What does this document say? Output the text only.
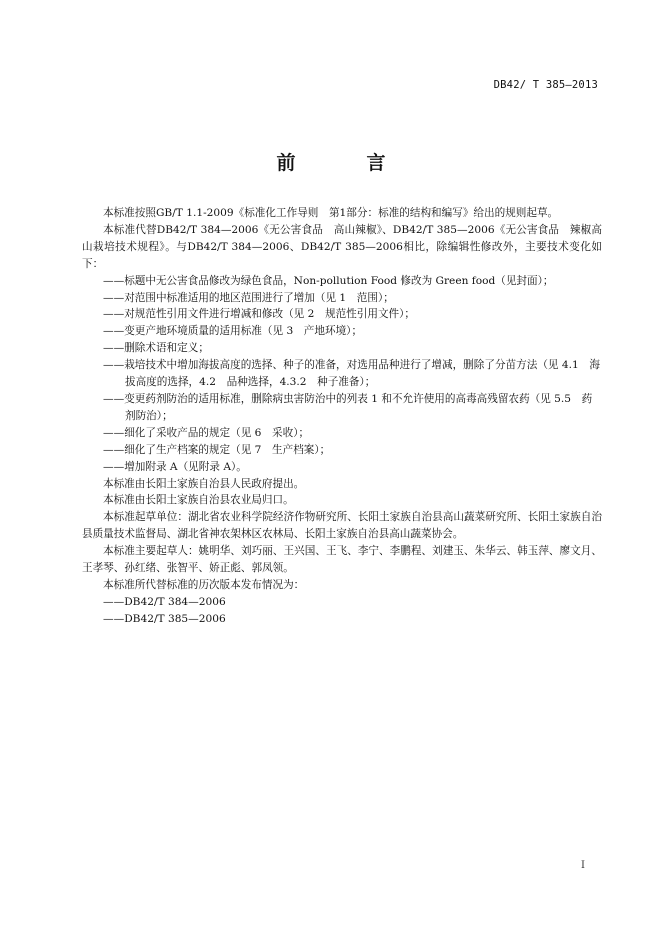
DB42/ T 385—2013
前　言

本标准按照GB/T 1.1-2009《标准化工作导则　第1部分：标准的结构和编写》给出的规则起草。

本标准代替DB42/T 384—2006《无公害食品　高山辣椒》、DB42/T 385—2006《无公害食品　辣椒高山栽培技术规程》。与DB42/T 384—2006、DB42/T 385—2006相比，除编辑性修改外，主要技术变化如下：

——标题中无公害食品修改为绿色食品，Non-pollution Food 修改为 Green food（见封面）；

——对范围中标准适用的地区范围进行了增加（见 1　范围）；

——对规范性引用文件进行增减和修改（见 2　规范性引用文件）；

——变更产地环境质量的适用标准（见 3　产地环境）；

——删除术语和定义；

——栽培技术中增加海拔高度的选择、种子的准备，对选用品种进行了增减，删除了分苗方法（见 4.1　海拔高度的选择，4.2　品种选择，4.3.2　种子准备）；

——变更药剂防治的适用标准，删除病虫害防治中的列表 1 和不允许使用的高毒高残留农药（见 5.5　药剂防治）；

——细化了采收产品的规定（见 6　采收）；

——细化了生产档案的规定（见 7　生产档案）；

——增加附录 A（见附录 A）。

本标准由长阳土家族自治县人民政府提出。

本标准由长阳土家族自治县农业局归口。

本标准起草单位：湖北省农业科学院经济作物研究所、长阳土家族自治县高山蔬菜研究所、长阳土家族自治县质量技术监督局、湖北省神农架林区农林局、长阳土家族自治县高山蔬菜协会。

本标准主要起草人：姚明华、刘巧丽、王兴国、王飞、李宁、李鹏程、刘建玉、朱华云、韩玉萍、廖文月、王孝琴、孙红绪、张智平、娇正彪、郭凤领。

本标准所代替标准的历次版本发布情况为：

——DB42/T 384—2006

——DB42/T 385—2006

I
